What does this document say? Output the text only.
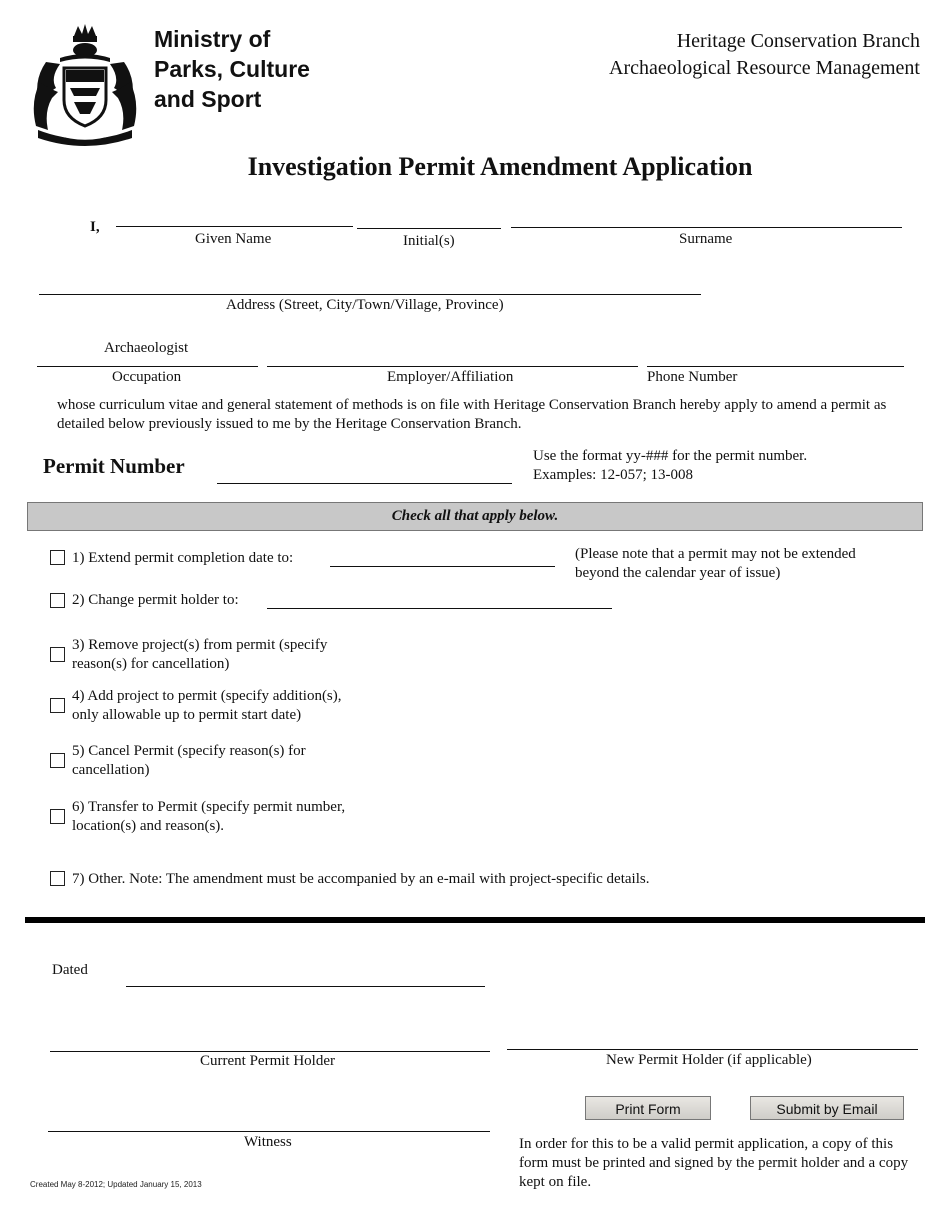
Ministry of
Parks, Culture
and Sport
Heritage Conservation Branch
Archaeological Resource Management
Investigation Permit Amendment Application
I,
Given Name	Initial(s)	Surname
Address (Street, City/Town/Village, Province)
Archaeologist
Occupation	Employer/Affiliation	Phone Number
whose curriculum vitae and general statement of methods is on file with Heritage Conservation Branch hereby apply to amend a permit as detailed below previously issued to me by the Heritage Conservation Branch.
Permit Number	Use the format yy-### for the permit number.
Examples: 12-057; 13-008
Check all that apply below.
1) Extend permit completion date to:	(Please note that a permit may not be extended beyond the calendar year of issue)
2) Change permit holder to:
3) Remove project(s) from permit (specify reason(s) for cancellation)
4) Add project to permit (specify addition(s), only allowable up to permit start date)
5) Cancel Permit (specify reason(s) for cancellation)
6) Transfer to Permit (specify permit number, location(s) and reason(s).
7) Other. Note: The amendment must be accompanied by an e-mail with project-specific details.
Dated
Current Permit Holder	New Permit Holder (if applicable)
Witness
Print Form	Submit by Email
In order for this to be a valid permit application, a copy of this form must be printed and signed by the permit holder and a copy kept on file.
Created May 8-2012; Updated January 15, 2013
